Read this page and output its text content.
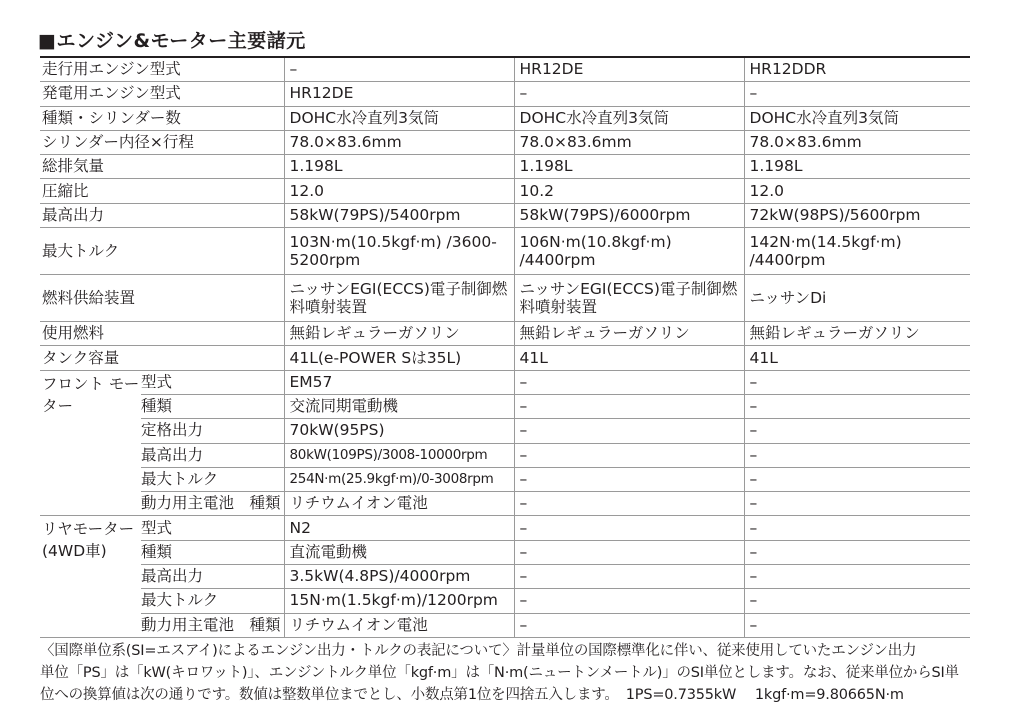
■エンジン&モーター主要諸元
走行用エンジン型式		–	HR12DE	HR12DDR
発電用エンジン型式		HR12DE	–	–
種類・シリンダー数		DOHC水冷直列3気筒	DOHC水冷直列3気筒	DOHC水冷直列3気筒
シリンダー内径×行程		78.0×83.6mm	78.0×83.6mm	78.0×83.6mm
総排気量		1.198L	1.198L	1.198L
圧縮比		12.0	10.2	12.0
最高出力		58kW(79PS)/5400rpm	58kW(79PS)/6000rpm	72kW(98PS)/5600rpm
最大トルク		103N·m(10.5kgf·m) /3600-5200rpm	106N·m(10.8kgf·m) /4400rpm	142N·m(14.5kgf·m) /4400rpm
燃料供給装置		ニッサンEGI(ECCS)電子制御燃料噴射装置	ニッサンEGI(ECCS)電子制御燃料噴射装置	ニッサンDi
使用燃料		無鉛レギュラーガソリン	無鉛レギュラーガソリン	無鉛レギュラーガソリン
タンク容量		41L(e-POWER Sは35L)	41L	41L
フロント モーター	型式	EM57	–	–
	種類	交流同期電動機	–	–
	定格出力	70kW(95PS)	–	–
	最高出力	80kW(109PS)/3008-10000rpm	–	–
	最大トルク	254N·m(25.9kgf·m)/0-3008rpm	–	–
	動力用主電池　種類	リチウムイオン電池	–	–
リヤモーター (4WD車)	型式	N2	–	–
	種類	直流電動機	–	–
	最高出力	3.5kW(4.8PS)/4000rpm	–	–
	最大トルク	15N·m(1.5kgf·m)/1200rpm	–	–
	動力用主電池　種類	リチウムイオン電池	–	–
〈国際単位系(SI=エスアイ)によるエンジン出力・トルクの表記について〉計量単位の国際標準化に伴い、従来使用していたエンジン出力
単位「PS」は「kW(キロワット)」、エンジントルク単位「kgf·m」は「N·m(ニュートンメートル)」のSI単位とします。なお、従来単位からSI単
位への換算値は次の通りです。数値は整数単位までとし、小数点第1位を四捨五入します。　1PS=0.7355kW　 1kgf·m=9.80665N·m
